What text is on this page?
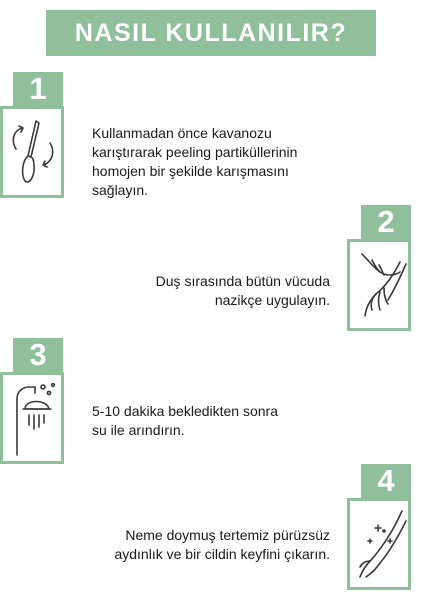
NASIL KULLANILIR?
1
Kullanmadan önce kavanozu
karıştırarak peeling partiküllerinin
homojen bir şekilde karışmasını
sağlayın.
2
Duş sırasında bütün vücuda
nazikçe uygulayın.
3
5-10 dakika bekledikten sonra
su ile arındırın.
4
Neme doymuş tertemiz pürüzsüz
aydınlık ve bir cildin keyfini çıkarın.
